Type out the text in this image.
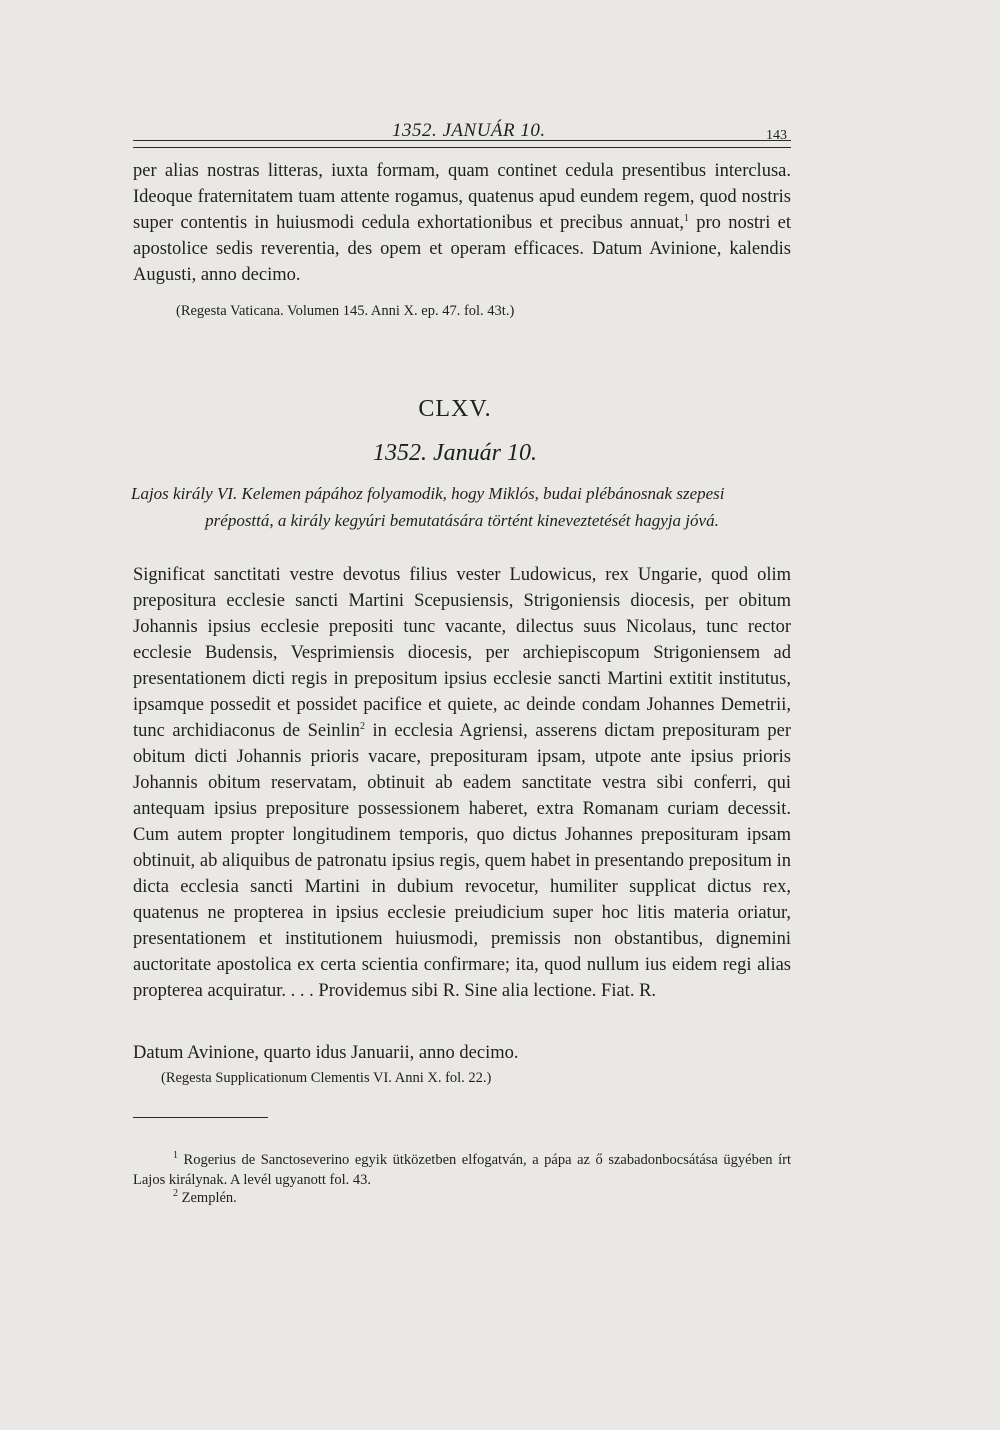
1352. JANUÁR 10.	143
per alias nostras litteras, iuxta formam, quam continet cedula presentibus interclusa. Ideoque fraternitatem tuam attente rogamus, quatenus apud eundem regem, quod nostris super contentis in huiusmodi cedula exhortationibus et precibus annuat,$^1$ pro nostri et apostolice sedis reverentia, des opem et operam efficaces. Datum Avinione, kalendis Augusti, anno decimo.
(Regesta Vaticana. Volumen 145. Anni X. ep. 47. fol. 43t.)
CLXV.
1352. Január 10.
Lajos király VI. Kelemen pápához folyamodik, hogy Miklós, budai plébánosnak szepesi
préposttá, a király kegyúri bemutatására történt kineveztetését hagyja jóvá.
Significat sanctitati vestre devotus filius vester Ludowicus, rex Ungarie, quod olim prepositura ecclesie sancti Martini Scepusiensis, Strigoniensis diocesis, per obitum Johannis ipsius ecclesie prepositi tunc vacante, dilectus suus Nicolaus, tunc rector ecclesie Budensis, Vesprimiensis diocesis, per archiepiscopum Strigoniensem ad presentationem dicti regis in prepositum ipsius ecclesie sancti Martini extitit institutus, ipsamque possedit et possidet pacifice et quiete, ac deinde condam Johannes Demetrii, tunc archidiaconus de Seinlin$^2$ in ecclesia Agriensi, asserens dictam preposituram per obitum dicti Johannis prioris vacare, preposituram ipsam, utpote ante ipsius prioris Johannis obitum reservatam, obtinuit ab eadem sanctitate vestra sibi conferri, qui antequam ipsius prepositure possessionem haberet, extra Romanam curiam decessit. Cum autem propter longitudinem temporis, quo dictus Johannes preposituram ipsam obtinuit, ab aliquibus de patronatu ipsius regis, quem habet in presentando prepositum in dicta ecclesia sancti Martini in dubium revocetur, humiliter supplicat dictus rex, quatenus ne propterea in ipsius ecclesie preiudicium super hoc litis materia oriatur, presentationem et institutionem huiusmodi, premissis non obstantibus, dignemini auctoritate apostolica ex certa scientia confirmare; ita, quod nullum ius eidem regi alias propterea acquiratur. . . . Providemus sibi R. Sine alia lectione. Fiat. R.
Datum Avinione, quarto idus Januarii, anno decimo.
(Regesta Supplicationum Clementis VI. Anni X. fol. 22.)
$^1$ Rogerius de Sanctoseverino egyik ütközetben elfogatván, a pápa az ő szabadonbocsátása ügyében írt Lajos királynak. A levél ugyanott fol. 43.
$^2$ Zemplén.
